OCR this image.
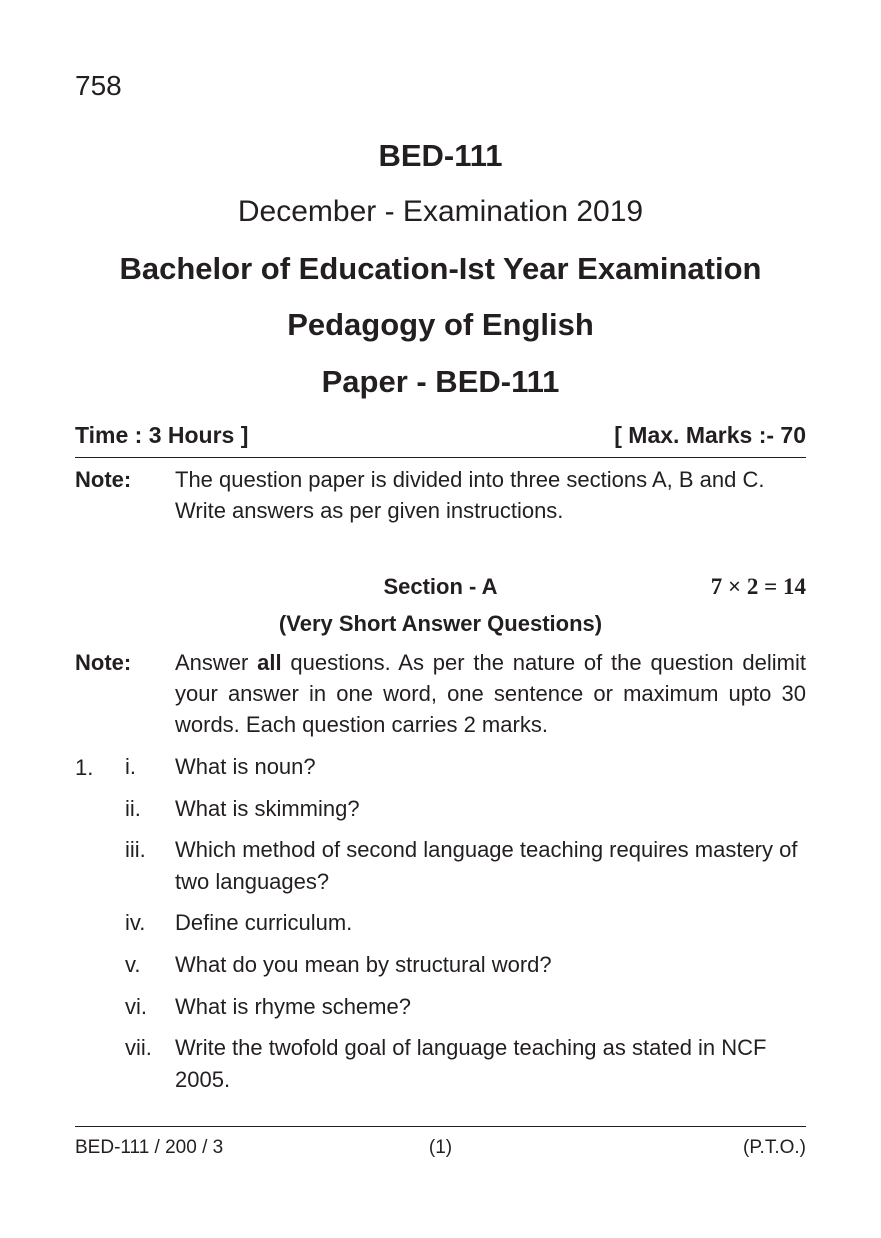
758
BED-111
December - Examination 2019
Bachelor of Education-Ist Year Examination
Pedagogy of English
Paper - BED-111
Time : 3 Hours ]	[ Max. Marks :- 70
Note: The question paper is divided into three sections A, B and C. Write answers as per given instructions.
Section - A	7 × 2 = 14
(Very Short Answer Questions)
Note: Answer all questions. As per the nature of the question delimit your answer in one word, one sentence or maximum upto 30 words. Each question carries 2 marks.
1. i. What is noun?
ii. What is skimming?
iii. Which method of second language teaching requires mastery of two languages?
iv. Define curriculum.
v. What do you mean by structural word?
vi. What is rhyme scheme?
vii. Write the twofold goal of language teaching as stated in NCF 2005.
BED-111 / 200 / 3	(1)	(P.T.O.)
